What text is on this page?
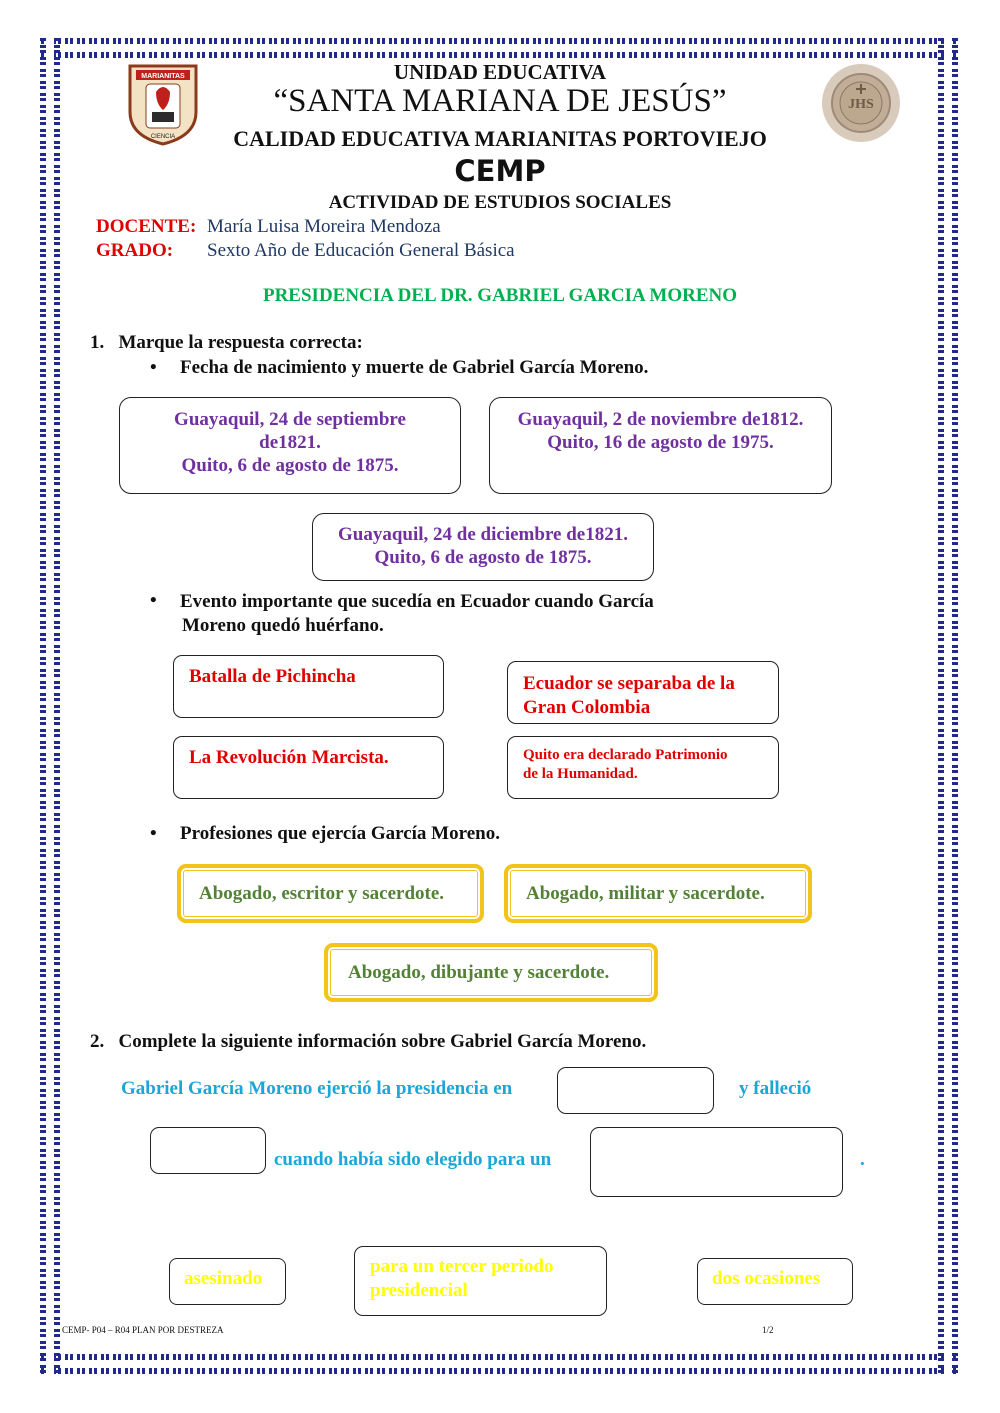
MARIANITAS
CIENCIA
JHS
UNIDAD EDUCATIVA
“SANTA MARIANA DE JESÚS”
CALIDAD EDUCATIVA MARIANITAS PORTOVIEJO
CEMP
ACTIVIDAD DE ESTUDIOS SOCIALES
DOCENTE: María Luisa Moreira Mendoza
GRADO: Sexto Año de Educación General Básica
PRESIDENCIA DEL DR. GABRIEL GARCIA MORENO
1.   Marque la respuesta correcta:
• Fecha de nacimiento y muerte de Gabriel García Moreno.
Guayaquil, 24 de septiembre
de1821.
Quito, 6 de agosto de 1875.
Guayaquil, 2 de noviembre de1812.
Quito, 16 de agosto de 1975.
Guayaquil, 24 de diciembre de1821.
Quito, 6 de agosto de 1875.
• Evento importante que sucedía en Ecuador cuando García
Moreno quedó huérfano.
Batalla de Pichincha	Ecuador se separaba de la
Gran Colombia
La Revolución Marcista.	Quito era declarado Patrimonio
de la Humanidad.
• Profesiones que ejercía García Moreno.
Abogado, escritor y sacerdote.	Abogado, militar y sacerdote.
Abogado, dibujante y sacerdote.
2.   Complete la siguiente información sobre Gabriel García Moreno.
Gabriel García Moreno ejerció la presidencia en	y falleció
cuando había sido elegido para un	.
asesinado
para un tercer periodo
presidencial
dos ocasiones
CEMP- P04 – R04 PLAN POR DESTREZA	1/2
